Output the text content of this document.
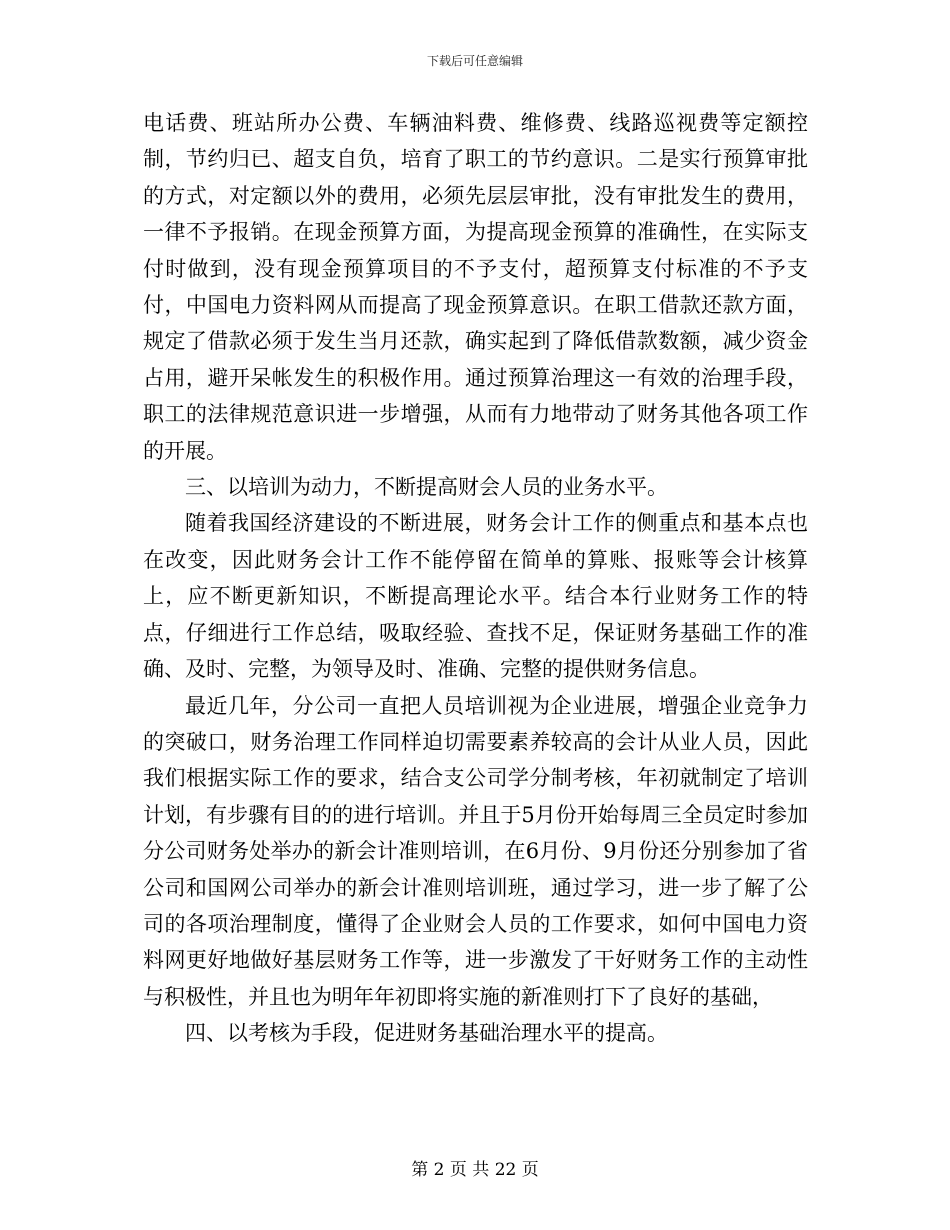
下载后可任意编辑

电话费、班站所办公费、车辆油料费、维修费、线路巡视费等定额控制，节约归已、超支自负，培育了职工的节约意识。二是实行预算审批的方式，对定额以外的费用，必须先层层审批，没有审批发生的费用，一律不予报销。在现金预算方面，为提高现金预算的准确性，在实际支付时做到，没有现金预算项目的不予支付，超预算支付标准的不予支付，中国电力资料网从而提高了现金预算意识。在职工借款还款方面，规定了借款必须于发生当月还款，确实起到了降低借款数额，减少资金占用，避开呆帐发生的积极作用。通过预算治理这一有效的治理手段，职工的法律规范意识进一步增强，从而有力地带动了财务其他各项工作的开展。

三、以培训为动力，不断提高财会人员的业务水平。

随着我国经济建设的不断进展，财务会计工作的侧重点和基本点也在改变，因此财务会计工作不能停留在简单的算账、报账等会计核算上，应不断更新知识，不断提高理论水平。结合本行业财务工作的特点，仔细进行工作总结，吸取经验、查找不足，保证财务基础工作的准确、及时、完整，为领导及时、准确、完整的提供财务信息。

最近几年，分公司一直把人员培训视为企业进展，增强企业竞争力的突破口，财务治理工作同样迫切需要素养较高的会计从业人员，因此我们根据实际工作的要求，结合支公司学分制考核，年初就制定了培训计划，有步骤有目的的进行培训。并且于5月份开始每周三全员定时参加分公司财务处举办的新会计准则培训，在6月份、9月份还分别参加了省公司和国网公司举办的新会计准则培训班，通过学习，进一步了解了公司的各项治理制度，懂得了企业财会人员的工作要求，如何中国电力资料网更好地做好基层财务工作等，进一步激发了干好财务工作的主动性与积极性，并且也为明年年初即将实施的新准则打下了良好的基础，

四、以考核为手段，促进财务基础治理水平的提高。

第 2 页 共 22 页
